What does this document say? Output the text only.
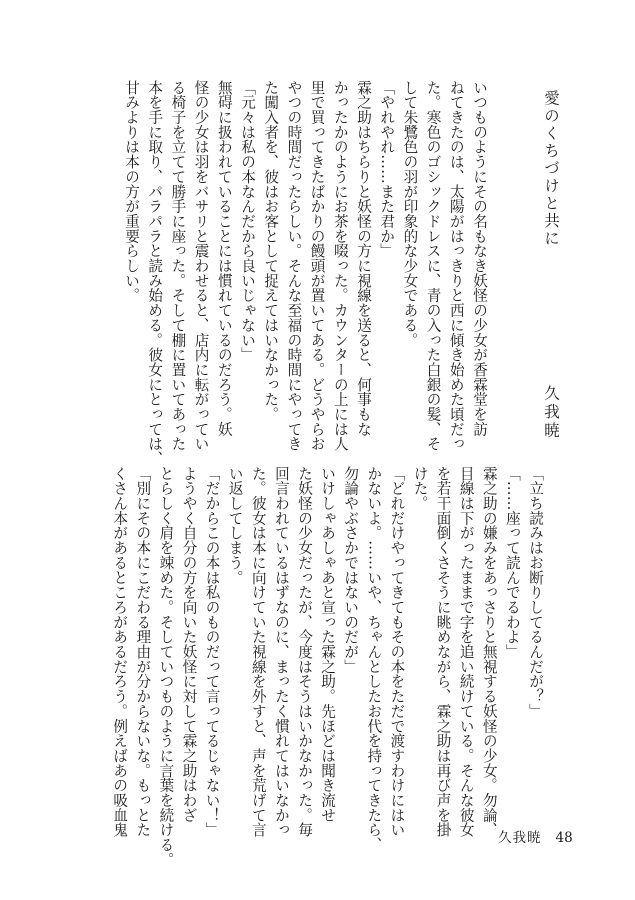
愛のくちづけと共に
久我暁
いつものようにその名もなき妖怪の少女が香霖堂を訪
ねてきたのは、太陽がはっきりと西に傾き始めた頃だっ
た。寒色のゴシックドレスに、青の入った白銀の髪、そ
して朱鷺色の羽が印象的な少女である。
「やれやれ……また君か」
霖之助はちらりと妖怪の方に視線を送ると、何事もな
かったかのようにお茶を啜った。カウンターの上には人
里で買ってきたばかりの饅頭が置いてある。どうやらお
やつの時間だったらしい。そんな至福の時間にやってき
た闖入者を、彼はお客として捉えてはいなかった。
「元々は私の本なんだから良いじゃない」
無碍に扱われていることには慣れているのだろう。妖
怪の少女は羽をバサリと震わせると、店内に転がってい
る椅子を立てて勝手に座った。そして棚に置いてあった
本を手に取り、パラパラと読み始める。彼女にとっては、
甘みよりは本の方が重要らしい。
「立ち読みはお断りしてるんだが？」
「……座って読んでるわよ」
霖之助の嫌みをあっさりと無視する妖怪の少女。勿論、
目線は下がったままで字を追い続けている。そんな彼女
を若干面倒くさそうに眺めながら、霖之助は再び声を掛
けた。
「どれだけやってきてもその本をただで渡すわけにはい
かないよ。……いや、ちゃんとしたお代を持ってきたら、
勿論やぶさかではないのだが」
いけしゃあしゃあと宣った霖之助。先ほどは聞き流せ
た妖怪の少女だったが、今度はそうはいかなかった。毎
回言われているはずなのに、まったく慣れてはいなかっ
た。彼女は本に向けていた視線を外すと、声を荒げて言
い返してしまう。
「だからこの本は私のものだって言ってるじゃない！」
ようやく自分の方を向いた妖怪に対して霖之助はわざ
とらしく肩を竦めた。そしていつものように言葉を続ける。
「別にその本にこだわる理由が分からないな。もっとた
くさん本があるところがあるだろう。例えばあの吸血鬼
久我暁 48
